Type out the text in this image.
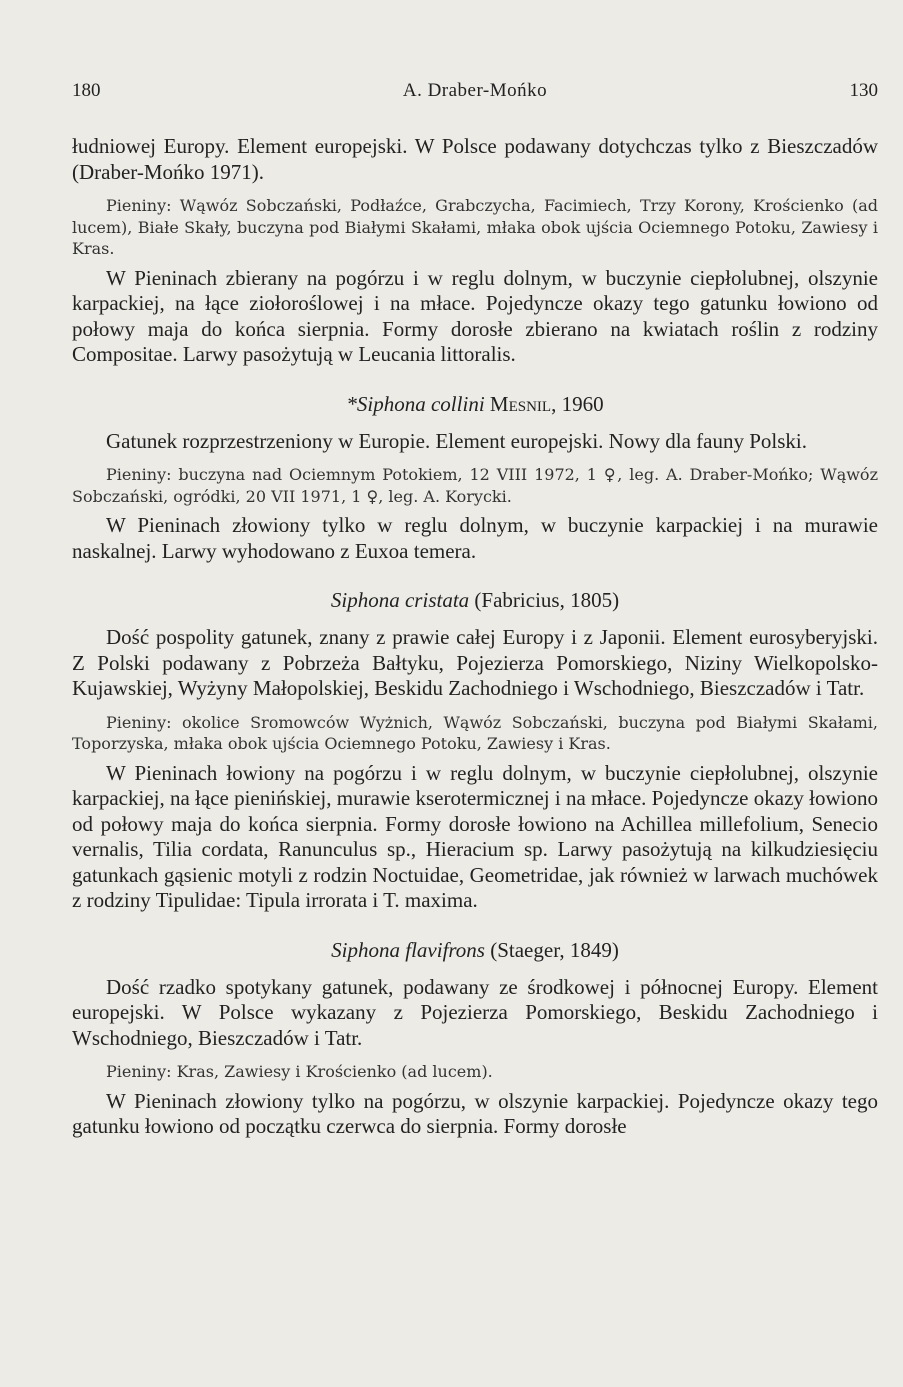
180	A. Draber-Mońko	130

łudniowej Europy. Element europejski. W Polsce podawany dotychczas tylko z Bieszczadów (Draber-Mońko 1971).

Pieniny: Wąwóz Sobczański, Podłaźce, Grabczycha, Facimiech, Trzy Korony, Krościenko (ad lucem), Białe Skały, buczyna pod Białymi Skałami, młaka obok ujścia Ociemnego Potoku, Zawiesy i Kras.

W Pieninach zbierany na pogórzu i w reglu dolnym, w buczynie ciepłolubnej, olszynie karpackiej, na łące ziołoroślowej i na młace. Pojedyncze okazy tego gatunku łowiono od połowy maja do końca sierpnia. Formy dorosłe zbierano na kwiatach roślin z rodziny Compositae. Larwy pasożytują w Leucania littoralis.

*Siphona collini Mesnil, 1960

Gatunek rozprzestrzeniony w Europie. Element europejski. Nowy dla fauny Polski.

Pieniny: buczyna nad Ociemnym Potokiem, 12 VIII 1972, 1 ♀, leg. A. Draber-Mońko; Wąwóz Sobczański, ogródki, 20 VII 1971, 1 ♀, leg. A. Korycki.

W Pieninach złowiony tylko w reglu dolnym, w buczynie karpackiej i na murawie naskalnej. Larwy wyhodowano z Euxoa temera.

Siphona cristata (Fabricius, 1805)

Dość pospolity gatunek, znany z prawie całej Europy i z Japonii. Element eurosyberyjski. Z Polski podawany z Pobrzeża Bałtyku, Pojezierza Pomorskiego, Niziny Wielkopolsko-Kujawskiej, Wyżyny Małopolskiej, Beskidu Zachodniego i Wschodniego, Bieszczadów i Tatr.

Pieniny: okolice Sromowców Wyżnich, Wąwóz Sobczański, buczyna pod Białymi Skałami, Toporzyska, młaka obok ujścia Ociemnego Potoku, Zawiesy i Kras.

W Pieninach łowiony na pogórzu i w reglu dolnym, w buczynie ciepłolubnej, olszynie karpackiej, na łące pienińskiej, murawie kserotermicznej i na młace. Pojedyncze okazy łowiono od połowy maja do końca sierpnia. Formy dorosłe łowiono na Achillea millefolium, Senecio vernalis, Tilia cordata, Ranunculus sp., Hieracium sp. Larwy pasożytują na kilkudziesięciu gatunkach gąsienic motyli z rodzin Noctuidae, Geometridae, jak również w larwach muchówek z rodziny Tipulidae: Tipula irrorata i T. maxima.

Siphona flavifrons (Staeger, 1849)

Dość rzadko spotykany gatunek, podawany ze środkowej i północnej Europy. Element europejski. W Polsce wykazany z Pojezierza Pomorskiego, Beskidu Zachodniego i Wschodniego, Bieszczadów i Tatr.

Pieniny: Kras, Zawiesy i Krościenko (ad lucem).

W Pieninach złowiony tylko na pogórzu, w olszynie karpackiej. Pojedyncze okazy tego gatunku łowiono od początku czerwca do sierpnia. Formy dorosłe
